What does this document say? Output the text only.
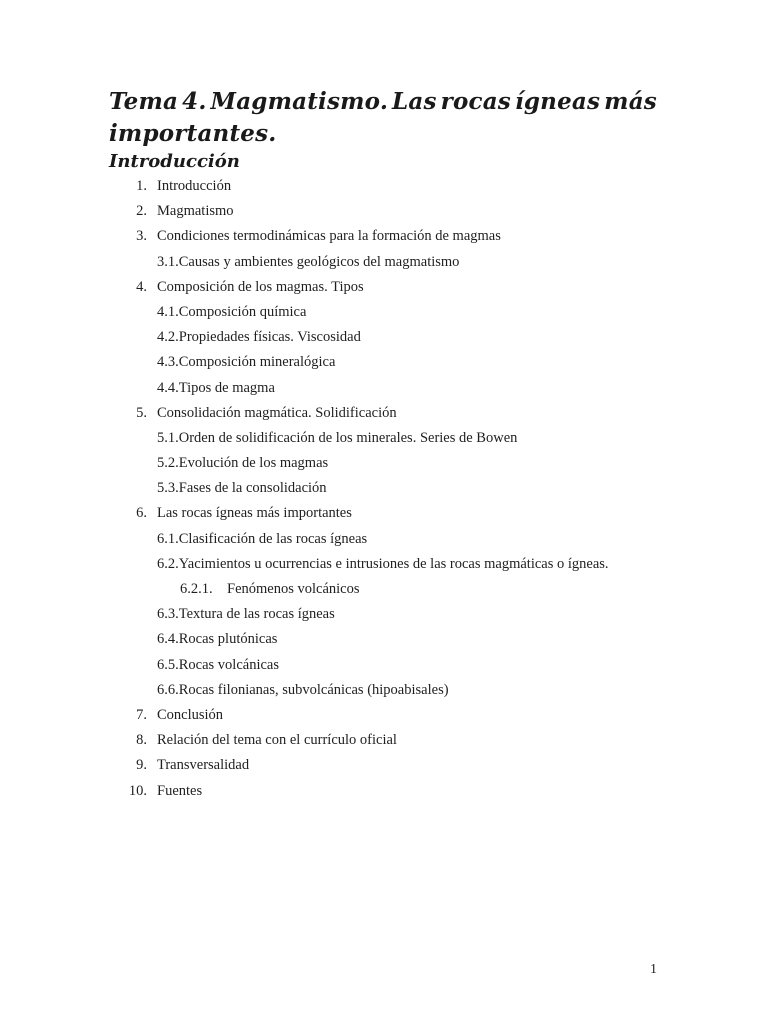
Tema 4. Magmatismo. Las rocas ígneas más
importantes.
Introducción
1. Introducción
2. Magmatismo
3. Condiciones termodinámicas para la formación de magmas
3.1.Causas y ambientes geológicos del magmatismo
4. Composición de los magmas. Tipos
4.1.Composición química
4.2.Propiedades físicas. Viscosidad
4.3.Composición mineralógica
4.4.Tipos de magma
5. Consolidación magmática. Solidificación
5.1.Orden de solidificación de los minerales. Series de Bowen
5.2.Evolución de los magmas
5.3.Fases de la consolidación
6. Las rocas ígneas más importantes
6.1.Clasificación de las rocas ígneas
6.2.Yacimientos u ocurrencias e intrusiones de las rocas magmáticas o ígneas.
6.2.1. Fenómenos volcánicos
6.3.Textura de las rocas ígneas
6.4.Rocas plutónicas
6.5.Rocas volcánicas
6.6.Rocas filonianas, subvolcánicas (hipoabisales)
7. Conclusión
8. Relación del tema con el currículo oficial
9. Transversalidad
10. Fuentes
1
